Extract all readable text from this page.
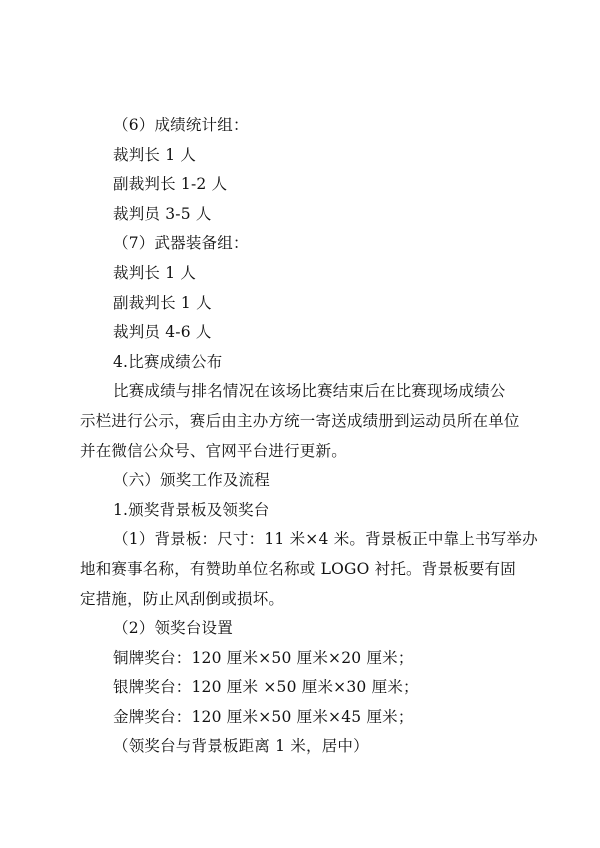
（6）成绩统计组：
裁判长 1 人
副裁判长 1-2 人
裁判员 3-5 人
（7）武器装备组：
裁判长 1 人
副裁判长 1 人
裁判员 4-6 人
4.比赛成绩公布
比赛成绩与排名情况在该场比赛结束后在比赛现场成绩公
示栏进行公示，赛后由主办方统一寄送成绩册到运动员所在单位
并在微信公众号、官网平台进行更新。
（六）颁奖工作及流程
1.颁奖背景板及领奖台
（1）背景板：尺寸：11 米×4 米。背景板正中靠上书写举办
地和赛事名称，有赞助单位名称或 LOGO 衬托。背景板要有固
定措施，防止风刮倒或损坏。
（2）领奖台设置
铜牌奖台：120 厘米×50 厘米×20 厘米；
银牌奖台：120 厘米 ×50 厘米×30 厘米；
金牌奖台：120 厘米×50 厘米×45 厘米；
（领奖台与背景板距离 1 米，居中）
